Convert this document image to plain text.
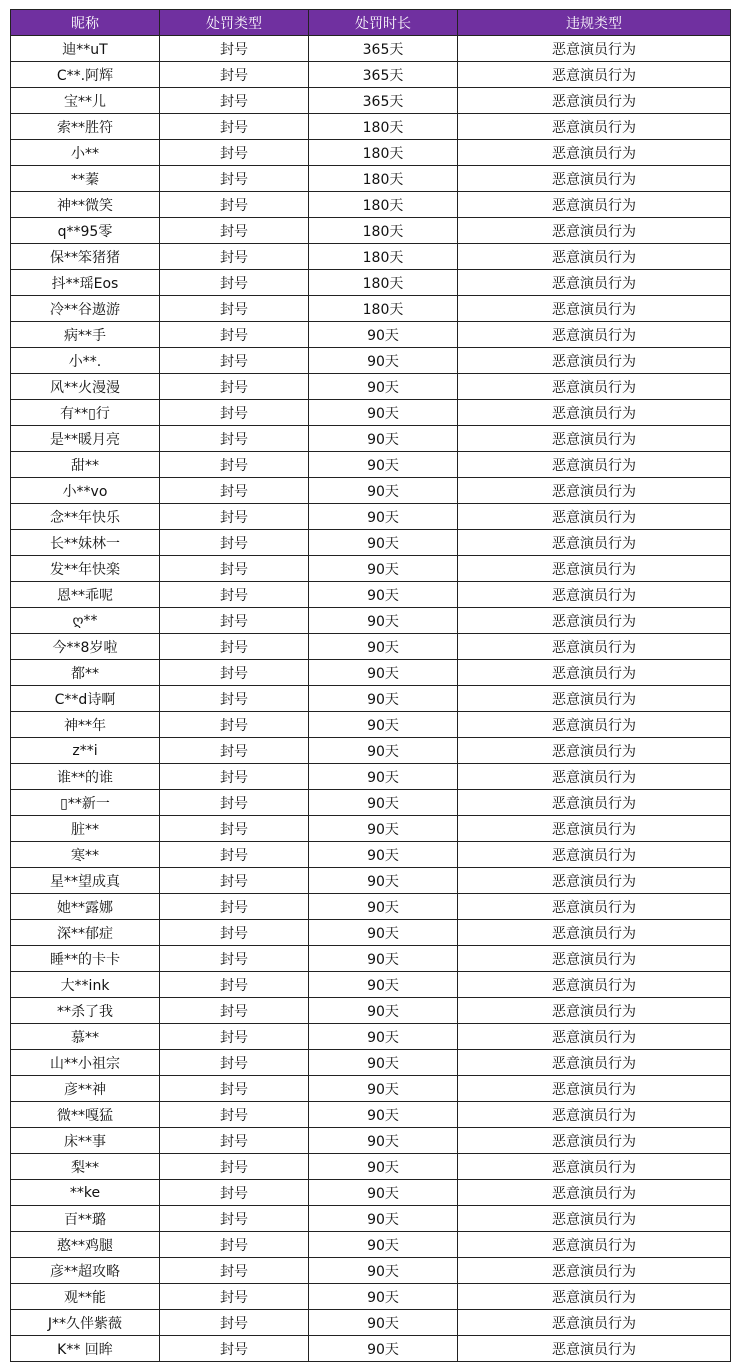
昵称	处罚类型	处罚时长	违规类型
迪**uT	封号	365天	恶意演员行为
C**.阿辉	封号	365天	恶意演员行为
宝**儿	封号	365天	恶意演员行为
索**胜符	封号	180天	恶意演员行为
小**	封号	180天	恶意演员行为
**蓁	封号	180天	恶意演员行为
神**微笑	封号	180天	恶意演员行为
q**95零	封号	180天	恶意演员行为
保**笨猪猪	封号	180天	恶意演员行为
抖**瑶Eos	封号	180天	恶意演员行为
冷**谷遨游	封号	180天	恶意演员行为
病**手	封号	90天	恶意演员行为
小**.	封号	90天	恶意演员行为
风**火漫漫	封号	90天	恶意演员行为
有**▯行	封号	90天	恶意演员行为
是**暖月亮	封号	90天	恶意演员行为
甜**	封号	90天	恶意演员行为
小**vo	封号	90天	恶意演员行为
念**年快乐	封号	90天	恶意演员行为
长**妹林一	封号	90天	恶意演员行为
发**年快楽	封号	90天	恶意演员行为
恩**乖呢	封号	90天	恶意演员行为
ღ**	封号	90天	恶意演员行为
今**8岁啦	封号	90天	恶意演员行为
都**	封号	90天	恶意演员行为
C**d诗啊	封号	90天	恶意演员行为
神**年	封号	90天	恶意演员行为
z**i	封号	90天	恶意演员行为
谁**的谁	封号	90天	恶意演员行为
▯**新一	封号	90天	恶意演员行为
脏**	封号	90天	恶意演员行为
寒**	封号	90天	恶意演员行为
星**望成真	封号	90天	恶意演员行为
她**露娜	封号	90天	恶意演员行为
深**郁症	封号	90天	恶意演员行为
睡**的卡卡	封号	90天	恶意演员行为
大**ink	封号	90天	恶意演员行为
**杀了我	封号	90天	恶意演员行为
慕**	封号	90天	恶意演员行为
山**小祖宗	封号	90天	恶意演员行为
彦**神	封号	90天	恶意演员行为
微**嘎猛	封号	90天	恶意演员行为
床**事	封号	90天	恶意演员行为
梨**	封号	90天	恶意演员行为
**ke	封号	90天	恶意演员行为
百**璐	封号	90天	恶意演员行为
憨**鸡腿	封号	90天	恶意演员行为
彦**超攻略	封号	90天	恶意演员行为
观**能	封号	90天	恶意演员行为
J**久伴紫薇	封号	90天	恶意演员行为
K** 回眸	封号	90天	恶意演员行为
